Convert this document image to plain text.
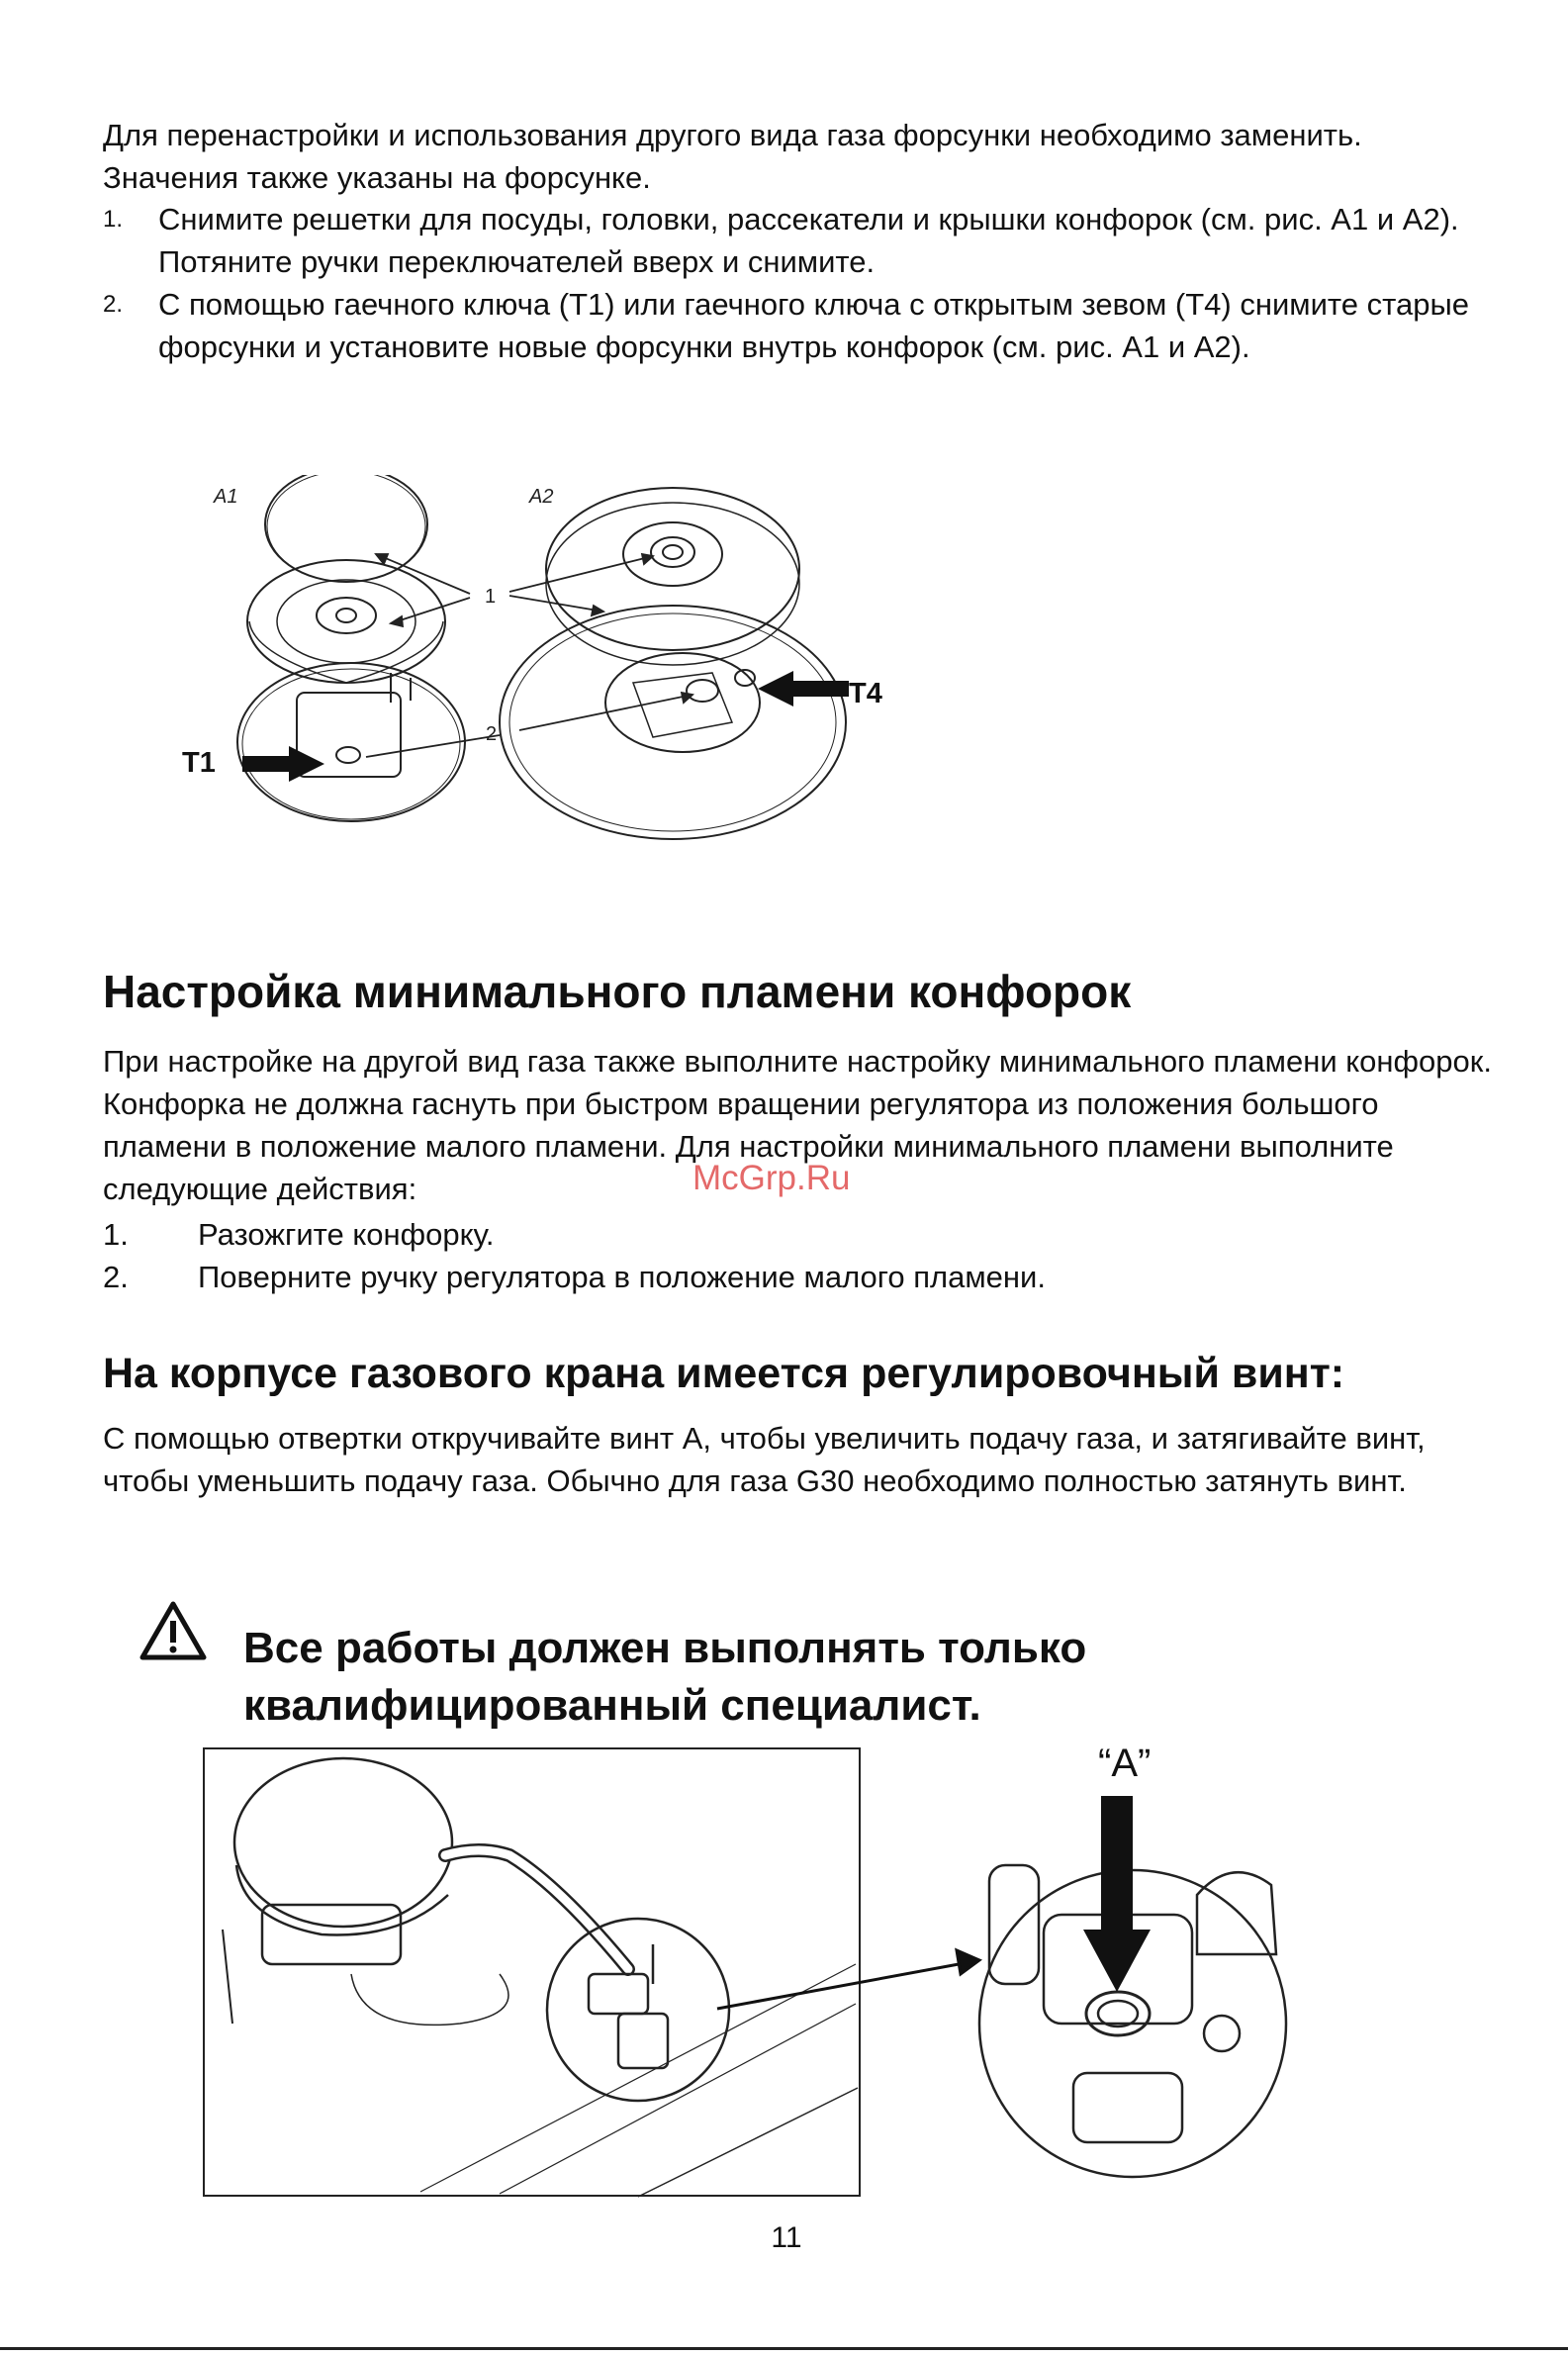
Для перенастройки и использования другого вида газа форсунки необходимо заменить. Значения также указаны на форсунке.

1. Снимите решетки для посуды, головки, рассекатели и крышки конфорок (см. рис. А1 и А2). Потяните ручки переключателей вверх и снимите.
2. С помощью гаечного ключа (Т1) или гаечного ключа с открытым зевом (Т4) снимите старые форсунки и установите новые форсунки внутрь конфорок (см. рис. А1 и А2).
A1	A2
1
2
T1
T4
Настройка минимального пламени конфорок

При настройке на другой вид газа также выполните настройку минимального пламени конфорок. Конфорка не должна гаснуть при быстром вращении регулятора из положения большого пламени в положение малого пламени. Для настройки минимального пламени выполните следующие действия:

1. Разожгите конфорку.
2. Поверните ручку регулятора в положение малого пламени.
McGrp.Ru
На корпусе газового крана имеется регулировочный винт:

С помощью отвертки откручивайте винт A, чтобы увеличить подачу газа, и затягивайте винт, чтобы уменьшить подачу газа. Обычно для газа G30 необходимо полностью затянуть винт.

Все работы должен выполнять только
квалифицированный специалист.
“A”
11
